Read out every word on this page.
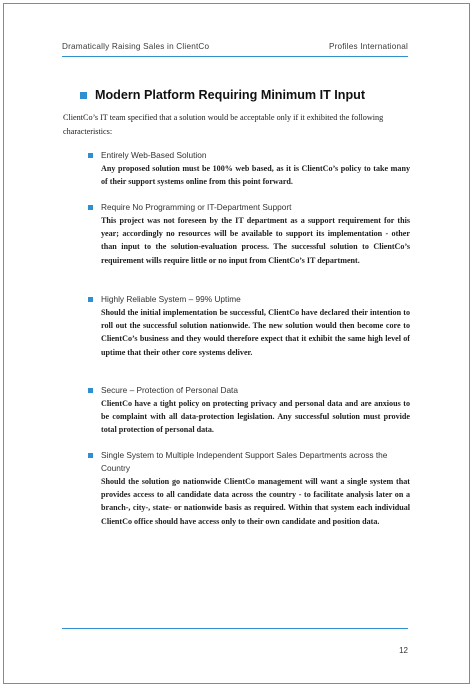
Dramatically Raising Sales in ClientCo	Profiles International
Modern Platform Requiring Minimum IT Input
ClientCo’s IT team specified that a solution would be acceptable only if it exhibited the following characteristics:
Entirely Web-Based Solution
Any proposed solution must be 100% web based, as it is ClientCo’s policy to take many of their support systems online from this point forward.
Require No Programming or IT-Department Support
This project was not foreseen by the IT department as a support requirement for this year; accordingly no resources will be available to support its implementation - other than input to the solution-evaluation process. The successful solution to ClientCo’s requirement wills require little or no input from ClientCo’s IT department.
Highly Reliable System – 99% Uptime
Should the initial implementation be successful, ClientCo have declared their intention to roll out the successful solution nationwide. The new solution would then become core to ClientCo’s business and they would therefore expect that it exhibit the same high level of uptime that their other core systems deliver.
Secure – Protection of Personal Data
ClientCo have a tight policy on protecting privacy and personal data and are anxious to be complaint with all data-protection legislation. Any successful solution must provide total protection of personal data.
Single System to Multiple Independent Support Sales Departments across the Country
Should the solution go nationwide ClientCo management will want a single system that provides access to all candidate data across the country - to facilitate analysis later on a branch-, city-, state- or nationwide basis as required. Within that system each individual ClientCo office should have access only to their own candidate and position data.
12
